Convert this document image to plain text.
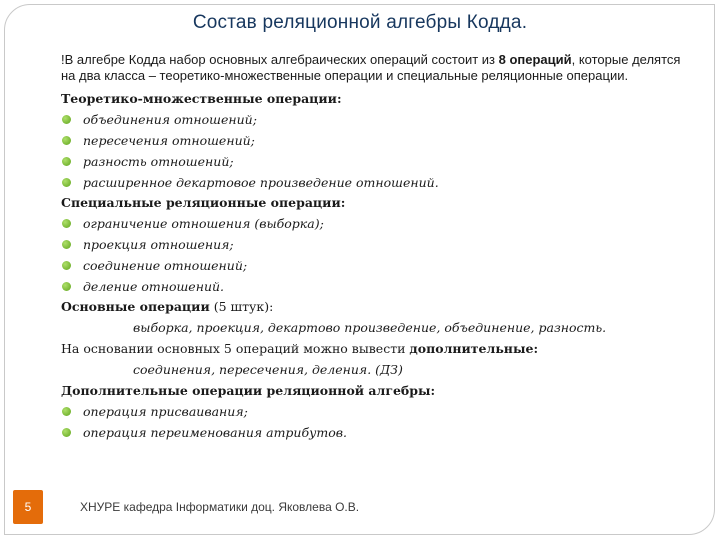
Состав реляционной алгебры Кодда.

!В алгебре Кодда набор основных алгебраических операций состоит из 8 операций, которые делятся на два класса – теоретико-множественные операции и специальные реляционные операции.

Теоретико-множественные операции:

объединения отношений;
пересечения отношений;
разность отношений;
расширенное декартовое произведение отношений.

Специальные реляционные операции:

ограничение отношения (выборка);
проекция отношения;
соединение отношений;
деление отношений.

Основные операции (5 штук):

выборка, проекция, декартово произведение, объединение, разность.

На основании основных 5 операций можно вывести дополнительные:

соединения, пересечения, деления. (ДЗ)

Дополнительные операции реляционной алгебры:

операция присваивания;
операция переименования атрибутов.
5	ХНУРЕ кафедра Інформатики доц. Яковлева О.В.
